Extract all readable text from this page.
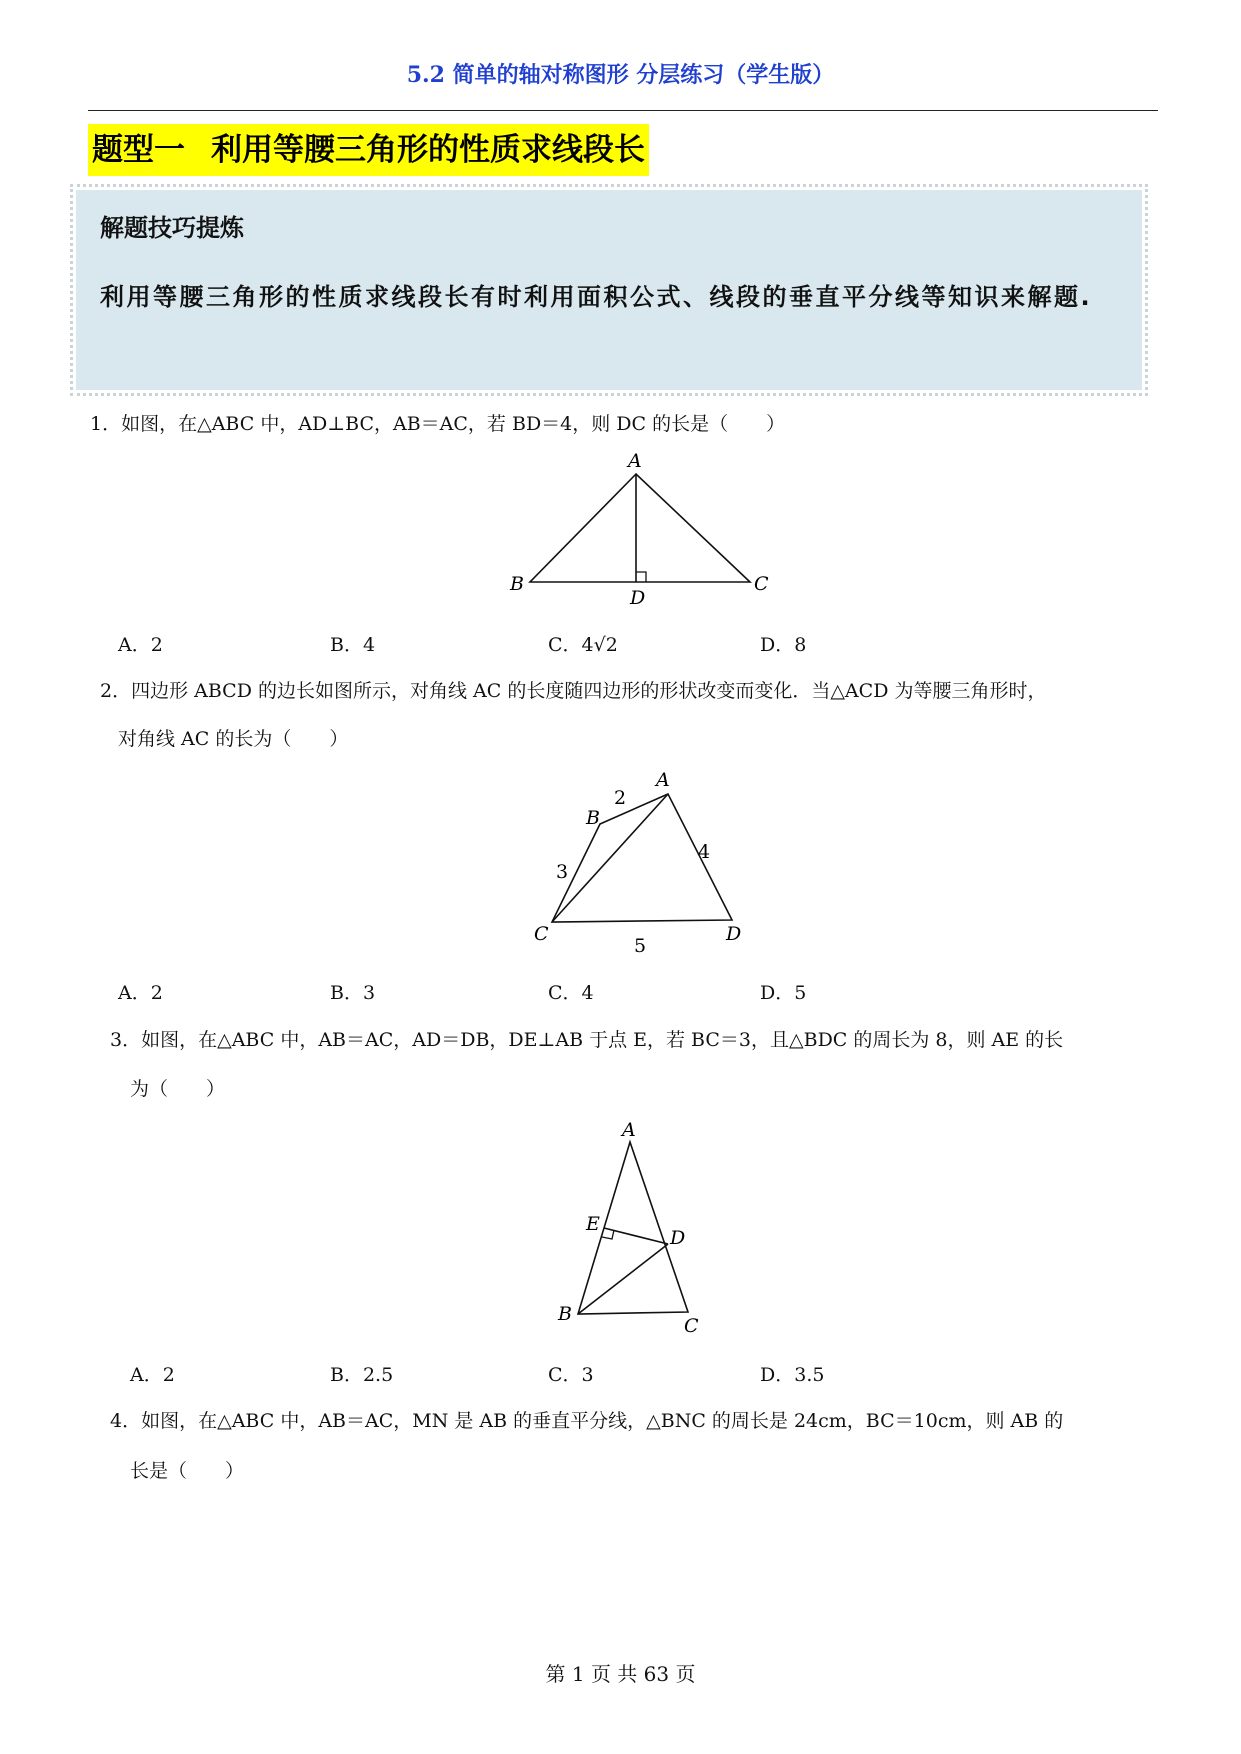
5.2 简单的轴对称图形 分层练习（学生版）
题型一 利用等腰三角形的性质求线段长
解题技巧提炼
利用等腰三角形的性质求线段长有时利用面积公式、线段的垂直平分线等知识来解题.
1．如图，在△ABC 中，AD⊥BC，AB＝AC，若 BD＝4，则 DC 的长是（　　）
A
B	C
D
A．2	B．4	C．4√2	D．8
2．四边形 ABCD 的边长如图所示，对角线 AC 的长度随四边形的形状改变而变化．当△ACD 为等腰三角形时，
对角线 AC 的长为（　　）
A
B
C	D
2
3
4
5
A．2	B．3	C．4	D．5
3．如图，在△ABC 中，AB＝AC，AD＝DB，DE⊥AB 于点 E，若 BC＝3，且△BDC 的周长为 8，则 AE 的长
为（　　）
A
B
C
D
E
A．2	B．2.5	C．3	D．3.5
4．如图，在△ABC 中，AB＝AC，MN 是 AB 的垂直平分线，△BNC 的周长是 24cm，BC＝10cm，则 AB 的
长是（　　）
第 1 页 共 63 页
